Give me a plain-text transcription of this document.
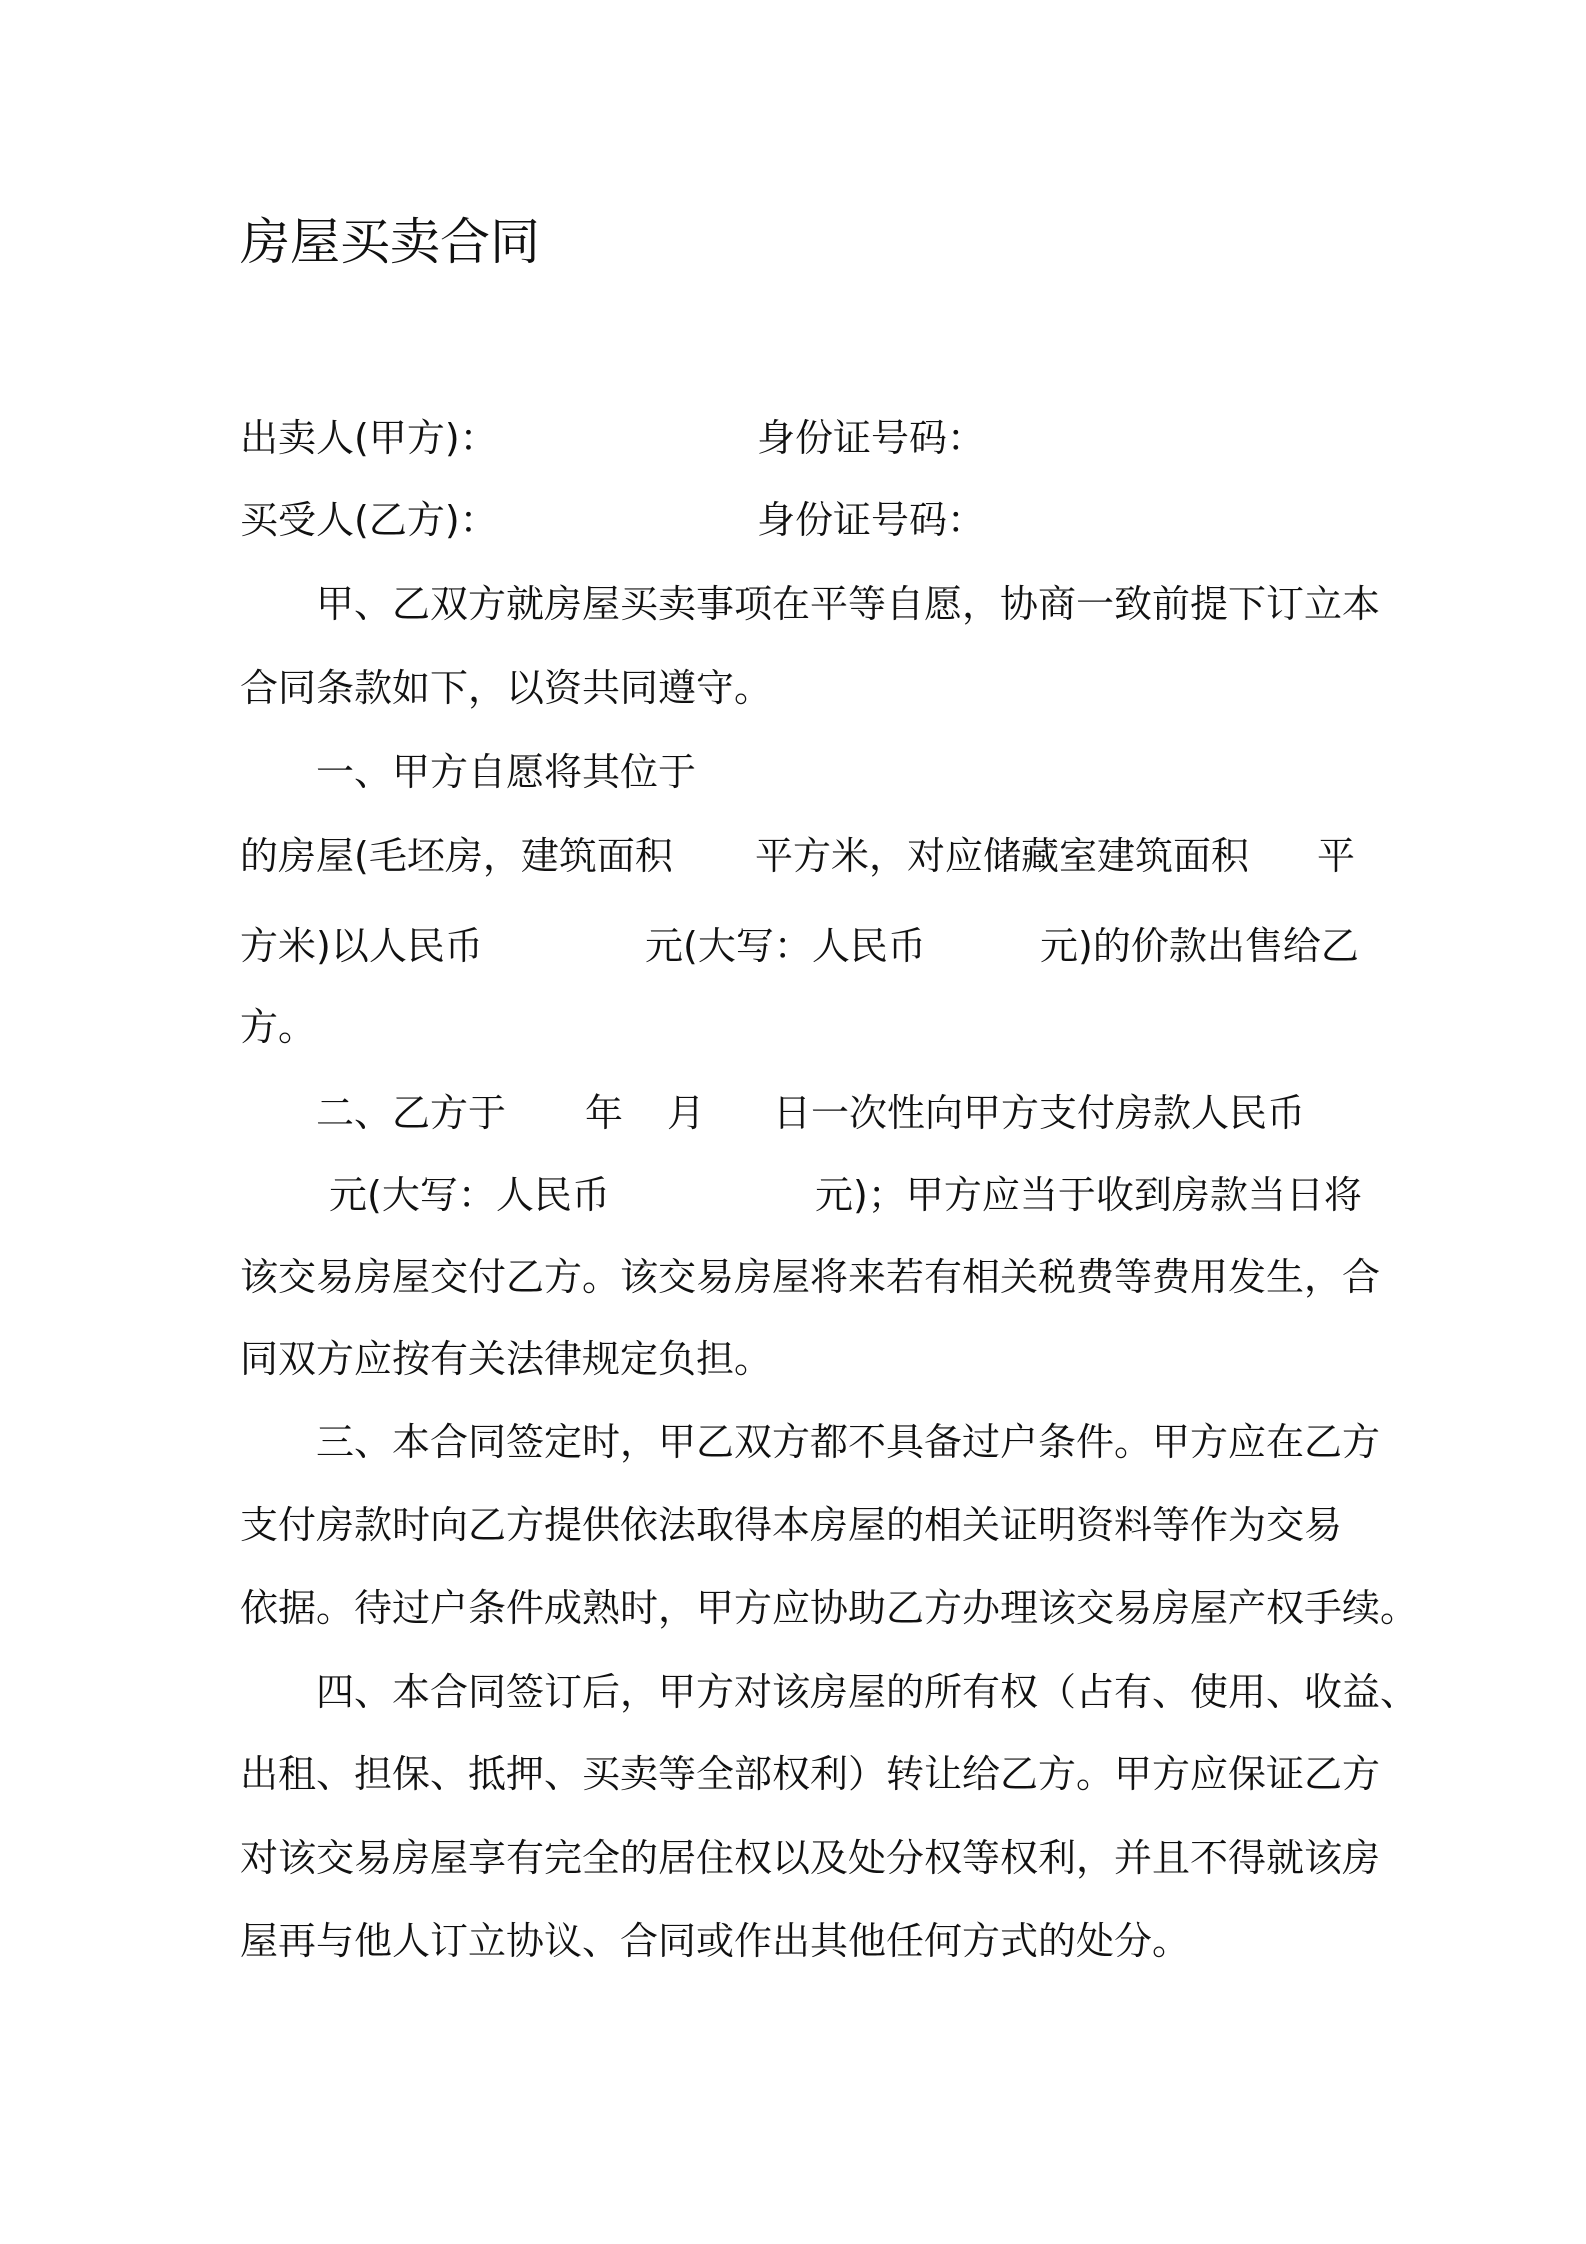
房屋买卖合同
出卖人(甲方)：	身份证号码：
买受人(乙方)：	身份证号码：
甲、乙双方就房屋买卖事项在平等自愿，协商一致前提下订立本
合同条款如下，以资共同遵守。
一、甲方自愿将其位于
的房屋(毛坯房，建筑面积 平方米，对应储藏室建筑面积 平
方米)以人民币	元(大写：人民币	元)的价款出售给乙
方。
二、乙方于 年 月 日一次性向甲方支付房款人民币
元(大写：人民币	元)；甲方应当于收到房款当日将
该交易房屋交付乙方。该交易房屋将来若有相关税费等费用发生，合
同双方应按有关法律规定负担。
三、本合同签定时，甲乙双方都不具备过户条件。甲方应在乙方
支付房款时向乙方提供依法取得本房屋的相关证明资料等作为交易
依据。待过户条件成熟时，甲方应协助乙方办理该交易房屋产权手续。
四、本合同签订后，甲方对该房屋的所有权（占有、使用、收益、
出租、担保、抵押、买卖等全部权利）转让给乙方。甲方应保证乙方
对该交易房屋享有完全的居住权以及处分权等权利，并且不得就该房
屋再与他人订立协议、合同或作出其他任何方式的处分。
